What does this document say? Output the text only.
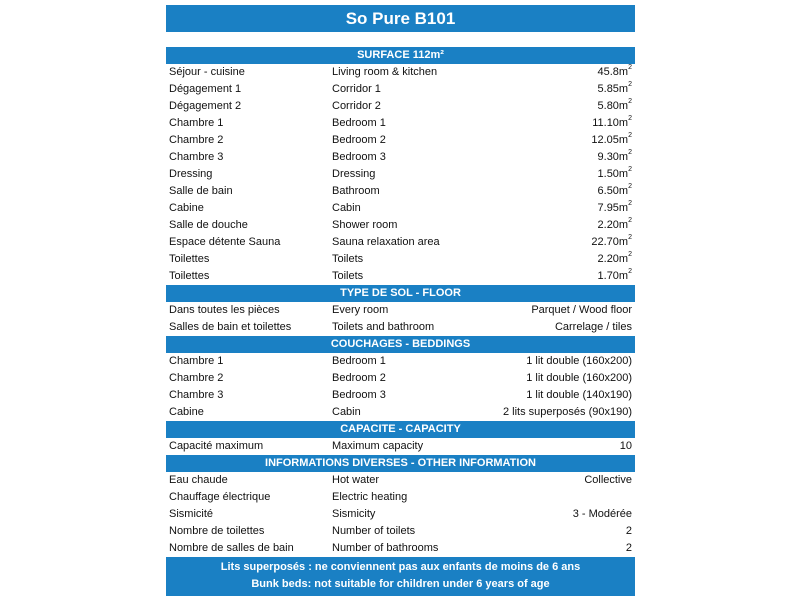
So Pure B101
SURFACE 112m²
Séjour - cuisine	Living room & kitchen	$45.8m^2$
Dégagement 1	Corridor 1	$5.85m^2$
Dégagement 2	Corridor 2	$5.80m^2$
Chambre 1	Bedroom 1	$11.10m^2$
Chambre 2	Bedroom 2	$12.05m^2$
Chambre 3	Bedroom 3	$9.30m^2$
Dressing	Dressing	$1.50m^2$
Salle de bain	Bathroom	$6.50m^2$
Cabine	Cabin	$7.95m^2$
Salle de douche	Shower room	$2.20m^2$
Espace détente Sauna	Sauna relaxation area	$22.70m^2$
Toilettes	Toilets	$2.20m^2$
Toilettes	Toilets	$1.70m^2$
TYPE DE SOL - FLOOR
Dans toutes les pièces	Every room	Parquet / Wood floor
Salles de bain et toilettes	Toilets and bathroom	Carrelage / tiles
COUCHAGES - BEDDINGS
Chambre 1	Bedroom 1	1 lit double (160x200)
Chambre 2	Bedroom 2	1 lit double (160x200)
Chambre 3	Bedroom 3	1 lit double (140x190)
Cabine	Cabin	2 lits superposés (90x190)
CAPACITE - CAPACITY
Capacité maximum	Maximum capacity	10
INFORMATIONS DIVERSES - OTHER INFORMATION
Eau chaude	Hot water	Collective
Chauffage électrique	Electric heating
Sismicité	Sismicity	3 - Modérée
Nombre de toilettes	Number of toilets	2
Nombre de salles de bain	Number of bathrooms	2
Lits superposés : ne conviennent pas aux enfants de moins de 6 ans
Bunk beds: not suitable for children under 6 years of age
